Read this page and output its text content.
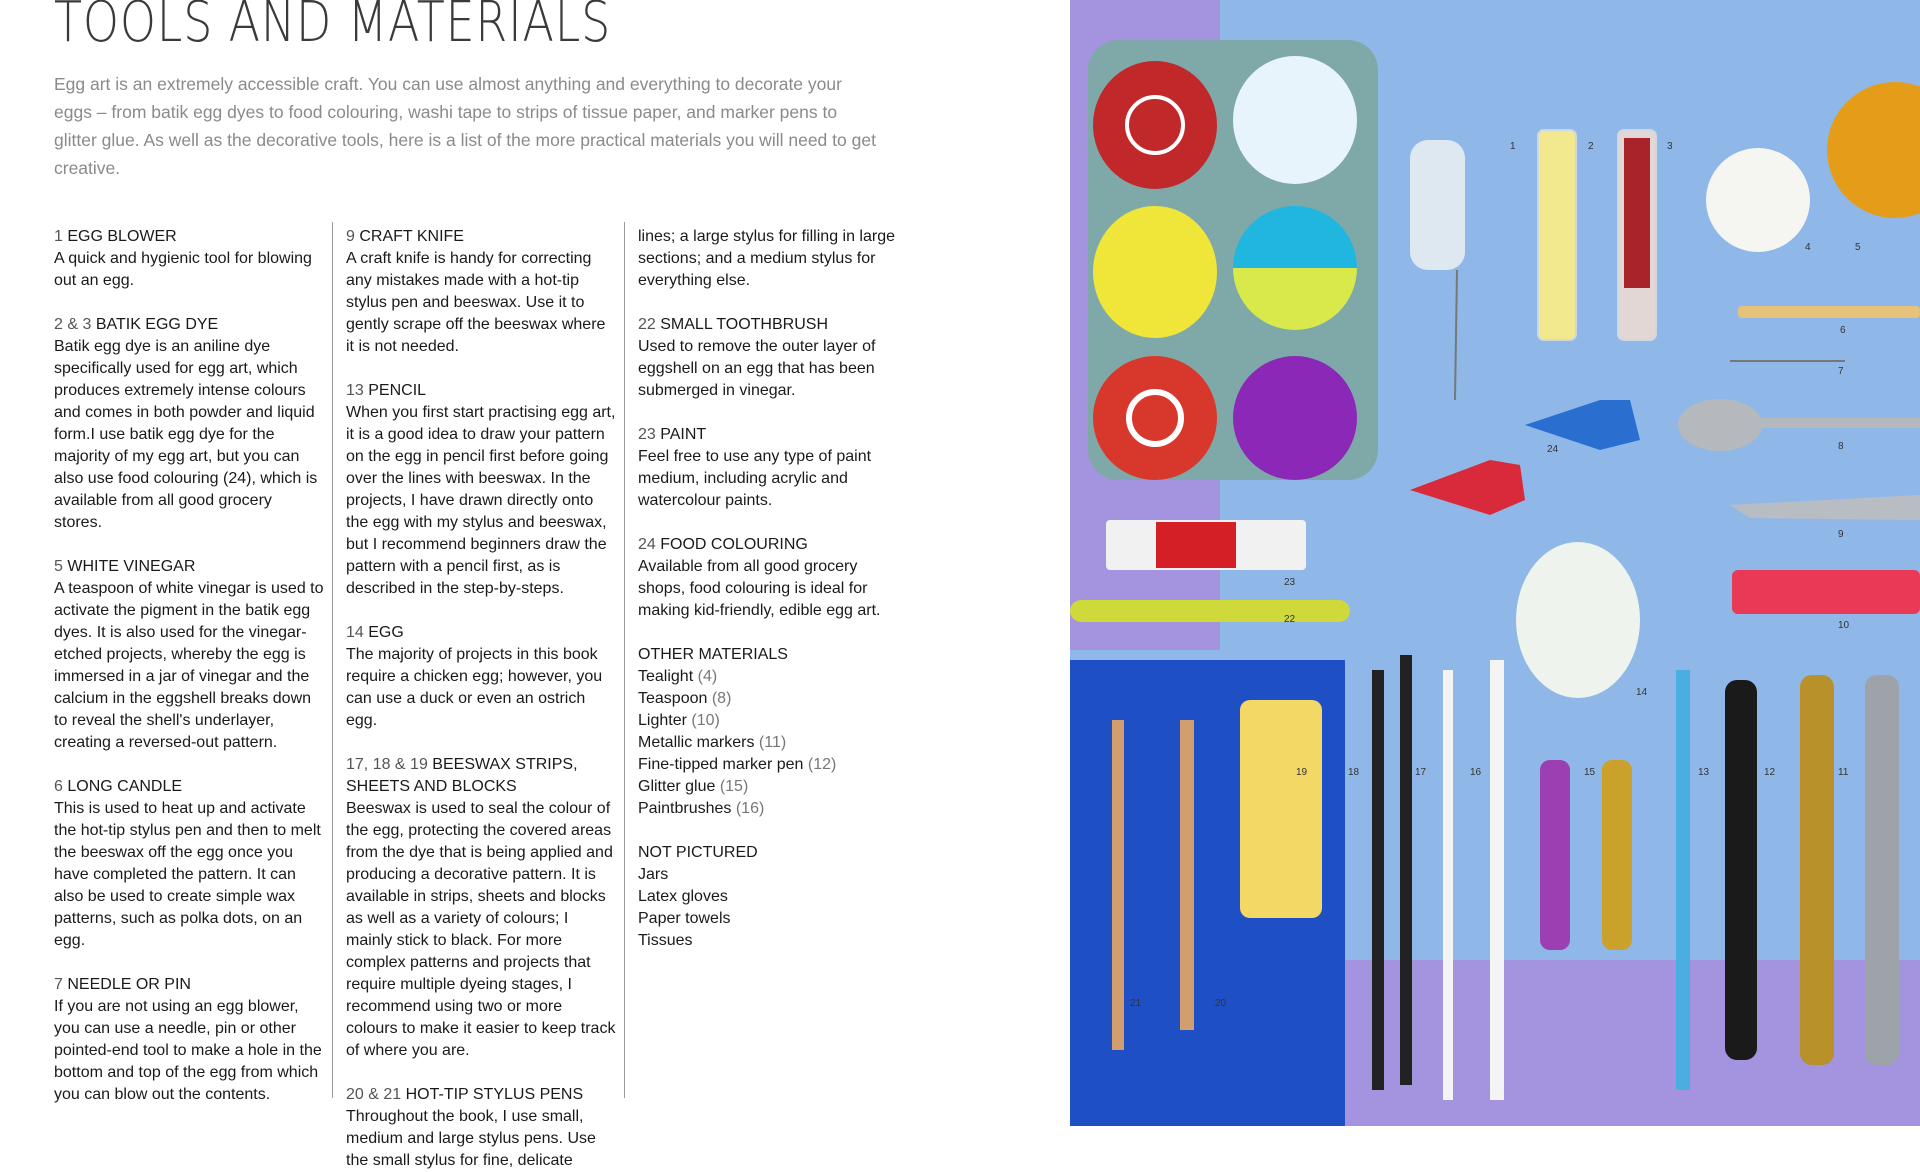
TOOLS AND MATERIALS

Egg art is an extremely accessible craft. You can use almost anything and everything to decorate your eggs – from batik egg dyes to food colouring, washi tape to strips of tissue paper, and marker pens to glitter glue. As well as the decorative tools, here is a list of the more practical materials you will need to get creative.

1 EGG BLOWER
A quick and hygienic tool for blowing out an egg.
2 & 3 BATIK EGG DYE
Batik egg dye is an aniline dye specifically used for egg art, which produces extremely intense colours and comes in both powder and liquid form.I use batik egg dye for the majority of my egg art, but you can also use food colouring (24), which is available from all good grocery stores.
5 WHITE VINEGAR
A teaspoon of white vinegar is used to activate the pigment in the batik egg dyes. It is also used for the vinegar-etched projects, whereby the egg is immersed in a jar of vinegar and the calcium in the eggshell breaks down to reveal the shell's underlayer, creating a reversed-out pattern.
6 LONG CANDLE
This is used to heat up and activate the hot-tip stylus pen and then to melt the beeswax off the egg once you have completed the pattern. It can also be used to create simple wax patterns, such as polka dots, on an egg.
7 NEEDLE OR PIN
If you are not using an egg blower, you can use a needle, pin or other pointed-end tool to make a hole in the bottom and top of the egg from which you can blow out the contents.
9 CRAFT KNIFE
A craft knife is handy for correcting any mistakes made with a hot-tip stylus pen and beeswax. Use it to gently scrape off the beeswax where it is not needed.
13 PENCIL
When you first start practising egg art, it is a good idea to draw your pattern on the egg in pencil first before going over the lines with beeswax. In the projects, I have drawn directly onto the egg with my stylus and beeswax, but I recommend beginners draw the pattern with a pencil first, as is described in the step-by-steps.
14 EGG
The majority of projects in this book require a chicken egg; however, you can use a duck or even an ostrich egg.
17, 18 & 19 BEESWAX STRIPS, SHEETS AND BLOCKS
Beeswax is used to seal the colour of the egg, protecting the covered areas from the dye that is being applied and producing a decorative pattern. It is available in strips, sheets and blocks as well as a variety of colours; I mainly stick to black. For more complex patterns and projects that require multiple dyeing stages, I recommend using two or more colours to make it easier to keep track of where you are.
20 & 21 HOT-TIP STYLUS PENS
Throughout the book, I use small, medium and large stylus pens. Use the small stylus for fine, delicate
lines; a large stylus for filling in large sections; and a medium stylus for everything else.
22 SMALL TOOTHBRUSH
Used to remove the outer layer of eggshell on an egg that has been submerged in vinegar.
23 PAINT
Feel free to use any type of paint medium, including acrylic and watercolour paints.
24 FOOD COLOURING
Available from all good grocery shops, food colouring is ideal for making kid-friendly, edible egg art.
OTHER MATERIALS
Tealight (4)
Teaspoon (8)
Lighter (10)
Metallic markers (11)
Fine-tipped marker pen (12)
Glitter glue (15)
Paintbrushes (16)
NOT PICTURED
Jars
Latex gloves
Paper towels
Tissues
1	2	3
4	5
6
7
8
9
10
11
12
13
14
15
16
17
18
19
20
21
22
23
24
